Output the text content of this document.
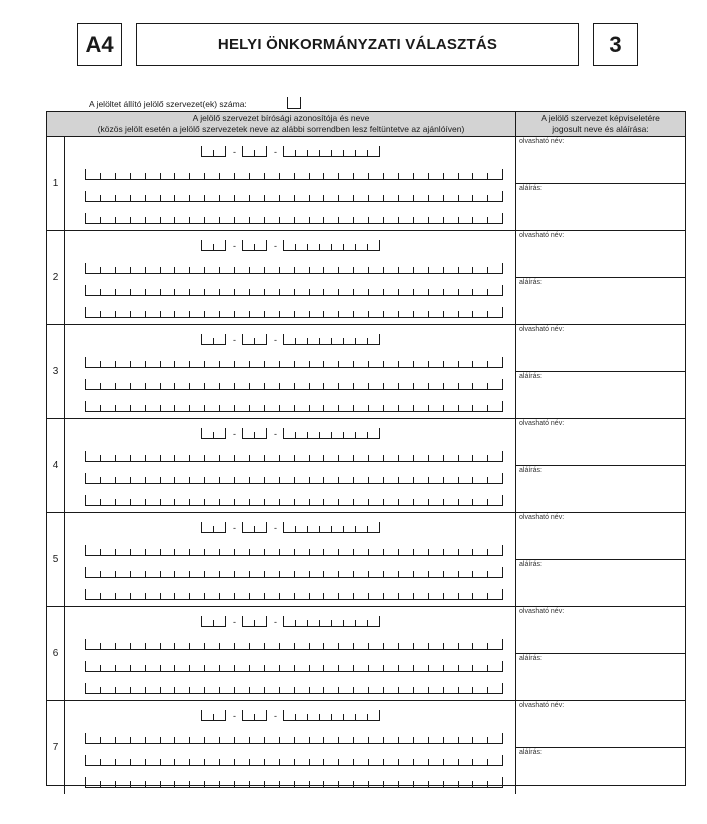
A4	HELYI ÖNKORMÁNYZATI VÁLASZTÁS	3
A jelöltet állító jelölő szervezet(ek) száma:
A jelölő szervezet bírósági azonosítója és neve
(közös jelölt esetén a jelölő szervezetek neve az alábbi sorrendben lesz feltüntetve az ajánlóíven)
A jelölő szervezet képviseletére
jogosult neve és aláírása:
1
-	-
olvasható név:
aláírás:
2
-	-
olvasható név:
aláírás:
3
-	-
olvasható név:
aláírás:
4
-	-
olvasható név:
aláírás:
5
-	-
olvasható név:
aláírás:
6
-	-
olvasható név:
aláírás:
7
-	-
olvasható név:
aláírás:
